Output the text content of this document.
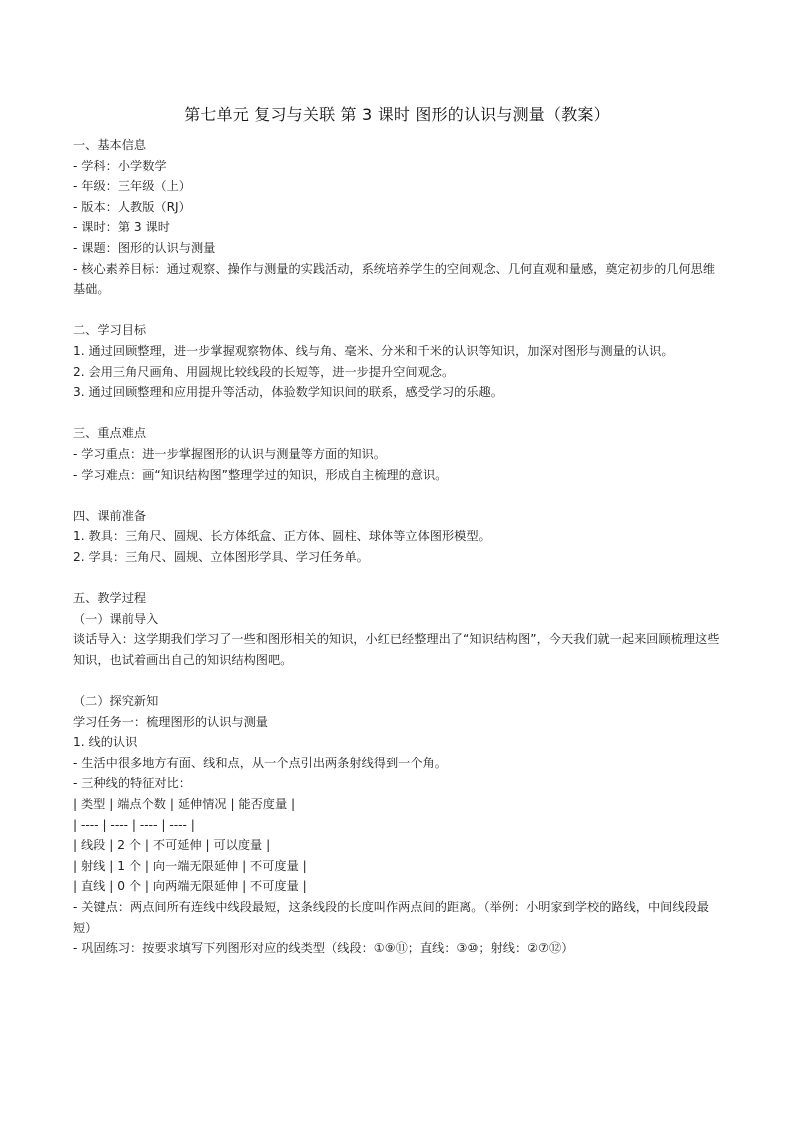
第七单元 复习与关联 第 3 课时 图形的认识与测量（教案）
一、基本信息
- 学科：小学数学
- 年级：三年级（上）
- 版本：人教版（RJ）
- 课时：第 3 课时
- 课题：图形的认识与测量
- 核心素养目标：通过观察、操作与测量的实践活动，系统培养学生的空间观念、几何直观和量感，奠定初步的几何思维基础。
二、学习目标
1. 通过回顾整理，进一步掌握观察物体、线与角、毫米、分米和千米的认识等知识，加深对图形与测量的认识。
2. 会用三角尺画角、用圆规比较线段的长短等，进一步提升空间观念。
3. 通过回顾整理和应用提升等活动，体验数学知识间的联系，感受学习的乐趣。
三、重点难点
- 学习重点：进一步掌握图形的认识与测量等方面的知识。
- 学习难点：画“知识结构图”整理学过的知识，形成自主梳理的意识。
四、课前准备
1. 教具：三角尺、圆规、长方体纸盒、正方体、圆柱、球体等立体图形模型。
2. 学具：三角尺、圆规、立体图形学具、学习任务单。
五、教学过程
（一）课前导入
谈话导入：这学期我们学习了一些和图形相关的知识，小红已经整理出了“知识结构图”，今天我们就一起来回顾梳理这些知识，也试着画出自己的知识结构图吧。
（二）探究新知
学习任务一：梳理图形的认识与测量
1. 线的认识
- 生活中很多地方有面、线和点，从一个点引出两条射线得到一个角。
- 三种线的特征对比：
| 类型 | 端点个数 | 延伸情况 | 能否度量 |
| ---- | ---- | ---- | ---- |
| 线段 | 2 个 | 不可延伸 | 可以度量 |
| 射线 | 1 个 | 向一端无限延伸 | 不可度量 |
| 直线 | 0 个 | 向两端无限延伸 | 不可度量 |
- 关键点：两点间所有连线中线段最短，这条线段的长度叫作两点间的距离。（举例：小明家到学校的路线，中间线段最短）
- 巩固练习：按要求填写下列图形对应的线类型（线段：①⑨⑪；直线：③⑩；射线：②⑦⑫）
